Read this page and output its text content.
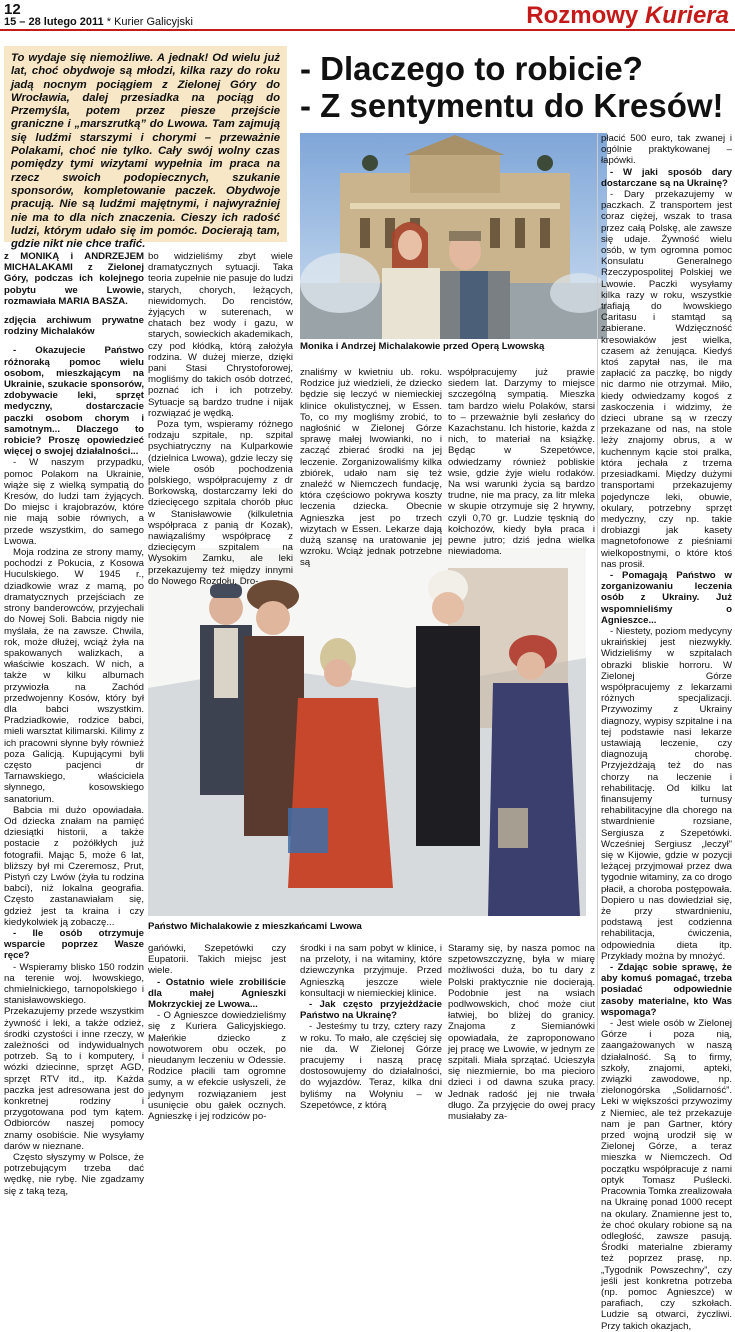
12
15 – 28 lutego 2011 * Kurier Galicyjski	Rozmowy Kuriera

To wydaje się niemożliwe. A jednak! Od wielu już lat, choć obydwoje są młodzi, kilka razy do roku jadą nocnym pociągiem z Zielonej Góry do Wrocławia, dalej przesiadka na pociąg do Przemyśla, potem przez piesze przejście graniczne i „marszrutką” do Lwowa. Tam zajmują się ludźmi starszymi i chorymi – przeważnie Polakami, choć nie tylko. Cały swój wolny czas pomiędzy tymi wizytami wypełnia im praca na rzecz swoich podopiecznych, szukanie sponsorów, kompletowanie paczek. Obydwoje pracują. Nie są ludźmi majętnymi, i najwyraźniej nie ma to dla nich znaczenia. Cieszy ich radość ludzi, którym udało się im pomóc. Docierają tam, gdzie nikt nie chce trafić.

- Dlaczego to robicie?
- Z sentymentu do Kresów!
Monika i Andrzej Michalakowie przed Operą Lwowską
Państwo Michalakowie z mieszkańcami Lwowa

z MONIKĄ i ANDRZEJEM MICHALAKAMI z Zielonej Góry, podczas ich kolejnego pobytu we Lwowie, rozmawiała MARIA BASZA.

zdjęcia archiwum prywatne rodziny Michalaków

- Okazujecie Państwo różnoraką pomoc wielu osobom, mieszkającym na Ukrainie, szukacie sponsorów, zdobywacie leki, sprzęt medyczny, dostarczacie paczki osobom chorym i samotnym... Dlaczego to robicie? Proszę opowiedzieć więcej o swojej działalności...

- W naszym przypadku, pomoc Polakom na Ukrainie, wiąże się z wielką sympatią do Kresów, do ludzi tam żyjących. Do miejsc i krajobrazów, które nie mają sobie równych, a przede wszystkim, do samego Lwowa.

Moja rodzina ze strony mamy, pochodzi z Pokucia, z Kosowa Huculskiego. W 1945 r., dziadkowie wraz z mamą, po dramatycznych przejściach ze strony banderowców, przyjechali do Nowej Soli. Babcia nigdy nie myślała, że na zawsze. Chwila, rok, może dłużej, wciąż żyła na spakowanych walizkach, a właściwie koszach. W nich, a także w kilku albumach przywiozła na Zachód przedwojenny Kosów, który był dla babci wszystkim. Pradziadkowie, rodzice babci, mieli warsztat kilimarski. Kilimy z ich pracowni słynne były również poza Galicją. Kupującymi byli często pacjenci dr Tarnawskiego, właściciela słynnego, kosowskiego sanatorium.

Babcia mi dużo opowiadała. Od dziecka znałam na pamięć dziesiątki historii, a także postacie z pożółkłych już fotografii. Mając 5, może 6 lat, bliższy był mi Czeremosz, Prut, Pistyń czy Lwów (żyła tu rodzina babci), niż lokalna geografia. Często zastanawiałam się, gdzież jest ta kraina i czy kiedykolwiek ją zobaczę...

- Ile osób otrzymuje wsparcie poprzez Wasze ręce?

- Wspieramy blisko 150 rodzin na terenie woj. lwowskiego, chmielnickiego, tarnopolskiego i stanisławowskiego. Przekazujemy przede wszystkim żywność i leki, a także odzież, środki czystości i inne rzeczy, w zależności od indywidualnych potrzeb. Są to i komputery, i wózki dziecinne, sprzęt AGD, sprzęt RTV itd., itp. Każda paczka jest adresowana jest do konkretnej rodziny i przygotowana pod tym kątem. Odbiorców naszej pomocy znamy osobiście. Nie wysyłamy darów w nieznane.

Często słyszymy w Polsce, że potrzebującym trzeba dać wędkę, nie rybę. Nie zgadzamy się z taką tezą,

bo widzieliśmy zbyt wiele dramatycznych sytuacji. Taka teoria zupełnie nie pasuje do ludzi starych, chorych, leżących, niewidomych. Do rencistów, żyjących w suterenach, w chatach bez wody i gazu, w starych, sowieckich akademikach, czy pod kłódką, którą założyła rodzina. W dużej mierze, dzięki pani Stasi Chrystoforowej, mogliśmy do takich osób dotrzeć, poznać ich i ich potrzeby. Sytuacje są bardzo trudne i nijak rozwiązać je wędką.

Poza tym, wspieramy różnego rodzaju szpitale, np. szpital psychiatryczny na Kulparkowie (dzielnica Lwowa), gdzie leczy się wiele osób pochodzenia polskiego, współpracujemy z dr Borkowską, dostarczamy leki do dziecięcego szpitala chorób płuc w Stanisławowie (kilkuletnia współpraca z panią dr Kozak), nawiązaliśmy współpracę z dziecięcym szpitalem na Wysokim Zamku, ale leki przekazujemy też między innymi do Nowego Rozdołu, Dro-

znaliśmy w kwietniu ub. roku. Rodzice już wiedzieli, że dziecko będzie się leczyć w niemieckiej klinice okulistycznej, w Essen. To, co my mogliśmy zrobić, to nagłośnić w Zielonej Górze sprawę małej lwowianki, no i zacząć zbierać środki na jej leczenie. Zorganizowaliśmy kilka zbiórek, udało nam się też znaleźć w Niemczech fundację, która częściowo pokrywa koszty leczenia dziecka. Obecnie Agnieszka jest po trzech wizytach w Essen. Lekarze dają dużą szansę na uratowanie jej wzroku. Wciąż jednak potrzebne są

współpracujemy już prawie siedem lat. Darzymy to miejsce szczególną sympatią. Mieszka tam bardzo wielu Polaków, starsi to – przeważnie byli zesłańcy do Kazachstanu. Ich historie, każda z nich, to materiał na książkę. Będąc w Szepetówce, odwiedzamy również pobliskie wsie, gdzie żyje wielu rodaków. Na wsi warunki życia są bardzo trudne, nie ma pracy, za litr mleka w skupie otrzymuje się 2 hrywny, czyli 0,70 gr. Ludzie tęsknią do kołchozów, kiedy była praca i pewne jutro; dziś jedna wielka niewiadoma.

płacić 500 euro, tak zwanej i ogólnie praktykowanej – łapówki.

- W jaki sposób dary dostarczane są na Ukrainę?

- Dary przekazujemy w paczkach. Z transportem jest coraz ciężej, wszak to trasa przez całą Polskę, ale zawsze się udaje. Żywność wielu osób, w tym ogromna pomoc Konsulatu Generalnego Rzeczypospolitej Polskiej we Lwowie. Paczki wysyłamy kilka razy w roku, wszystkie trafiają do lwowskiego Caritasu i stamtąd są zabierane. Wdzięczność kresowiaków jest wielka, czasem aż żenująca. Kiedyś ktoś zapytał nas, ile ma zapłacić za paczkę, bo nigdy nic darmo nie otrzymał. Miło, kiedy odwiedzamy kogoś z zaskoczenia i widzimy, że dzieci ubrane są w rzeczy przekazane od nas, na stole leży znajomy obrus, a w kuchennym kącie stoi pralka, która jechała z trzema przesiadkami. Między dużymi transportami przekazujemy pojedyncze leki, obuwie, okulary, potrzebny sprzęt medyczny, czy np. takie drobiazgi jak kasety magnetofonowe z pieśniami wielkopostnymi, o które ktoś nas prosił.

- Pomagają Państwo w zorganizowaniu leczenia osób z Ukrainy. Już wspomnieliśmy o Agnieszce...

- Niestety, poziom medycyny ukraińskiej jest niezwykły. Widzieliśmy w szpitalach obrazki bliskie horroru. W Zielonej Górze współpracujemy z lekarzami różnych specjalizacji. Przywozimy z Ukrainy diagnozy, wypisy szpitalne i na tej podstawie nasi lekarze ustawiają leczenie, czy diagnozują chorobę. Przyjeżdżają też do nas chorzy na leczenie i rehabilitację. Od kilku lat finansujemy turnusy rehabilitacyjne dla chorego na stwardnienie rozsiane, Sergiusza z Szepetówki. Wcześniej Sergiusz „leczył” się w Kijowie, gdzie w pozycji leżącej przyjmował przez dwa tygodnie witaminy, za co drogo płacił, a choroba postępowała. Dopiero u nas dowiedział się, że przy stwardnieniu, podstawą jest codzienna rehabilitacja, ćwiczenia, odpowiednia dieta itp. Przykłady można by mnożyć.

- Zdając sobie sprawę, że aby komuś pomagać, trzeba posiadać odpowiednie zasoby materialne, kto Was wspomaga?

- Jest wiele osób w Zielonej Górze i poza nią, zaangażowanych w naszą działalność. Są to firmy, szkoły, znajomi, apteki, związki zawodowe, np. zielonogórska „Solidarność”. Leki w większości przywozimy z Niemiec, ale też przekazuje nam je pan Gartner, który przed wojną urodził się w Zielonej Górze, a teraz mieszka w Niemczech. Od początku współpracuje z nami optyk Tomasz Puślecki. Pracownia Tomka zrealizowała na Ukrainę ponad 1000 recept na okulary. Znamienne jest to, że choć okulary robione są na odległość, zawsze pasują. Środki materialne zbieramy też poprzez prasę, np. „Tygodnik Powszechny”, czy jeśli jest konkretna potrzeba (np. pomoc Agnieszce) w parafiach, czy szkołach. Ludzie są otwarci, życzliwi. Przy takich okazjach,

gańówki, Szepetówki czy Eupatorii. Takich miejsc jest wiele.

- Ostatnio wiele zrobiliście dla małej Agnieszki Mokrzyckiej ze Lwowa...

- O Agnieszce dowiedzieliśmy się z Kuriera Galicyjskiego. Małeńkie dziecko z nowotworem obu oczek, po nieudanym leczeniu w Odessie. Rodzice płacili tam ogromne sumy, a w efekcie usłyszeli, że jedynym rozwiązaniem jest usunięcie obu gałek ocznych. Agnieszkę i jej rodziców po-

środki i na sam pobyt w klinice, i na przeloty, i na witaminy, które dziewczynka przyjmuje. Przed Agnieszką jeszcze wiele konsultacji w niemieckiej klinice.

- Jak często przyjeżdżacie Państwo na Ukrainę?

- Jesteśmy tu trzy, cztery razy w roku. To mało, ale częściej się nie da. W Zielonej Górze pracujemy i naszą pracę dostosowujemy do działalności, do wyjazdów. Teraz, kilka dni byliśmy na Wołyniu – w Szepetówce, z którą

Staramy się, by nasza pomoc na szpetowszczyznę, była w miarę możliwości duża, bo tu dary z Polski praktycznie nie docierają. Podobnie jest na wsiach podlwowskich, choć może ciut łatwiej, bo bliżej do granicy. Znajoma z Siemianówki opowiadała, że zaproponowano jej pracę we Lwowie, w jednym ze szpitali. Miała sprzątać. Ucieszyła się niezmiernie, bo ma piecioro dzieci i od dawna szuka pracy. Jednak radość jej nie trwała długo. Za przyjęcie do owej pracy musiałaby za-
